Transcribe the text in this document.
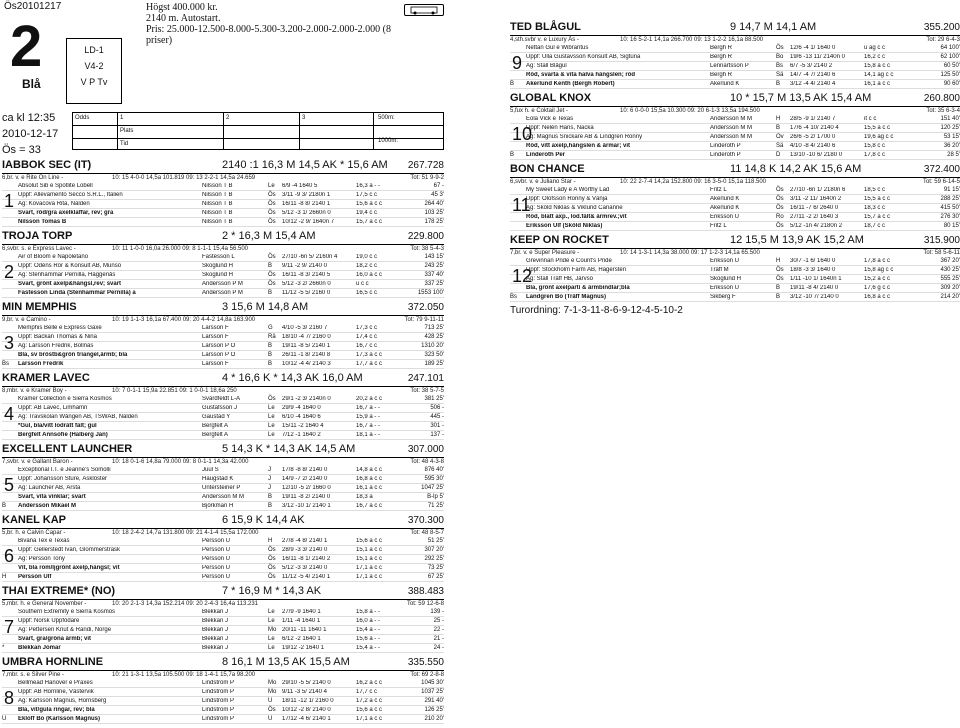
Ös20101217
2
Blå
LD-1
V4-2
V P Tv
Högst 400.000 kr.
2140 m. Autostart.
Pris: 25.000-12.500-8.000-5.300-3.200-2.000-2.000-2.000 (8
priser)
Odds	1	2	3	500m:
Plats
Tid	1000m:
ca kl 12:35
2010-12-17
Ös = 33
IABBOK SEC (IT)	2140 :1 16,3 M 14,5 AK * 15,6 AM	267.728
6,br. v. e Rite On Line -	10: 15 4-0-0 14,5a 101.819 09: 13 2-2-1 14,5a 24.659	Tot: 51 9-9-2
1
Absolut Sib e Spotlite Lobell	Nilsson T B	Le	6/9 -4 1640 5	16,3 a - -	67 -
Uppf: Allevamento Secco S.R.L., Italien	Nilsson T B	Ös	3/11 -9 3/ 2180n 1	17,5 c c	45 3'
Äg: Kovacova Rita, Nälden	Nilsson T B	Ös	16/11 -8 8/ 2140 1	15,6 a c c	264 40'
Svart, röd/grå axelklaffar, rev; grå	Nilsson T B	Ös	5/12 -3 1/ 2660n 0	19,4 c c	103 25'
Nilsson Tomas B	Nilsson T B	Ös	10/12 -2 9/ 1640n 7	15,7 a c c	178 25'
TROJA TORP	2 * 16,3 M 15,4 AM	229.800
6,svbr. s. e Express Lavec -	10: 11 1-0-0 16,0a 26.000 09: 8 1-1-1 15,4a 56.500	Tot: 38 5-4-3
2
Air of Bloom e Napoletano	Fastesson L	Ös	27/10 -6n 5/ 2160n 4	19,0 c c	143 15'
Uppf: Ödéns Rör & Konsult AB, Munsö	Skoglund H	B	9/11 -2 9/ 2140 0	18,2 c c	243 25'
Äg: Stenhammar Pernilla, Häggenås	Skoglund H	Ös	16/11 -8 3/ 2140 5	16,0 a c c	337 40'
Svart, grönt axelp&hängsl,rev; svart	Andersson P M	Ös	5/12 -3 2/ 2660n 0	u c c	337 25'
Fastesson Linda (Stenhammar Pernilla) a	Andersson P M	B	11/12 -5 5/ 2160 0	16,5 c c	1553 100'
MIN MEMPHIS	3 15,6 M 14,8 AM	372.050
9,br. v. e Camino -	10: 19 1-1-3 16,1a 67.400 09: 20 4-4-2 14,8a 163.900	Tot: 79 9-11-11
3
Memphis Belle e Express Gaxe	Larsson F	G	4/10 -5 3/ 2160 7	17,3 c c	713 25'
Uppf: Backan Thomas & Nina	Larsson F	Rä	18/10 -4 7/ 2160 0	17,4 c c	428 25'
Äg: Larsson Fredrik, Bollnäs	Larsson P O	B	19/11 -8 5/ 2140 1	16,7 c c	1310 20'
Blå, sv bröstb&grön triangel,ärmb; blå	Larsson P O	B	26/11 -1 8/ 2140 8	17,3 a c c	323 50'
Bs	Larsson Fredrik	Larsson F	B	10/12 -4 4/ 2140 3	17,7 a c c	189 25'
KRAMER LAVEC	4 * 16,6 K * 14,3 AK 16,0 AM	247.101
8,mbr. v. e Kramer Boy -	10: 7 0-1-1 15,9a 22.851 09: 1 0-0-1 18,6a 250	Tot: 38 5-7-5
4
Kramer Collection e Sierra Kosmos	Svärdfeldt L-Å	Ös	29/1 -2 3/ 2140n 0	20,2 a c c	381 25'
Uppf: AB Lavec, Limhamn	Gustafsson J	Le	29/9 -4 1640 0	16,7 a - -	506 -
Äg: Travskolan Wången AB, TSWAB, Nälden	Gaustad Y	Le	6/10 -4 1640 6	15,9 a - -	445 -
*Gul, blå/vitt lodrätt fält; gul	Bergfelt A	Le	15/11 -2 1640 4	16,7 a - -	301 -
Bergfelt Annsofie (Halberg Jan)	Bergfelt A	Le	7/12 -1 1640 2	18,1 a - -	137 -
EXCELLENT LAUNCHER	5 14,3 K * 14,3 AK 14,5 AM	307.000
7,svbr. v. e Gallant Baron -	10: 18 0-1-6 14,8a 79.000 09: 8 0-1-1 14,3a 42.000	Tot: 48 4-3-8
5
Exceptional I.T. e Jeanne's Somolli	Juul S	J	17/8 -8 8/ 2140 0	14,8 a c c	876 40'
Uppf: Johansson Sture, Åsklöster	Haugstad K	J	14/9 -7 2/ 2140 0	16,8 a c c	595 30'
Äg: Launcher AB, Årsta	Untersteiner P	J	12/10 -5 2/ 1660 0	16,1 a c c	1047 25'
Svart, vita vinklar; svart	Andersson M M	B	19/11 -8 2/ 2140 0	18,3 a	B-lp 5'
B	Andersson Mikael M	Björkman H	B	3/12 -10 1/ 2140 1	16,7 a c c	71 25'
KANEL KAP	6 15,9 K 14,4 AK	370.300
5,br. h. e Calvin Capar -	10: 18 2-4-2 14,7a 131.800 09: 21 4-1-4 15,5a 172.000	Tot: 48 8-5-7
6
Bivana Tex e Texas	Persson U	H	27/8 -4 8/ 2140 1	15,6 a c c	51 25'
Uppf: Gellerstedt Ivan, Glommersträsk	Persson U	Ös	28/9 -3 3/ 2140 0	15,1 a c c	307 20'
Äg: Persson Tony	Persson U	Ös	16/11 -8 1/ 2140 2	15,1 a c c	292 25'
Vit, blå rom/ljgrönt axelp,hängsl; vit	Persson U	Ös	5/12 -3 3/ 2140 0	17,1 a c c	73 25'
H	Persson Ulf	Persson U	Ös	11/12 -5 4/ 2140 1	17,1 a c c	67 25'
THAI EXTREME* (NO)	7 * 16,9 M * 14,3 AK	388.483
5,mbr. h. e General November -	10: 20 2-1-3 14,3a 152.214 09: 20 2-4-3 16,4a 113.231	Tot: 59 12-6-8
7
Southern Extremity e Sierra Kosmos	Blekkan J	Le	27/9 -9 1640 1	15,8 a - -	139 -
Uppf: Norsk Uppfödare	Blekkan J	Le	1/11 -4 1640 1	16,0 a - -	25 -
Äg: Pettersen Knut & Randi, Norge	Blekkan J	Mo 20/11 -11 1640 1	15,4 a - -	22 -
Svart, grå/gröna ärmb; vit	Blekkan J	Le	6/12 -2 1640 1	15,6 a - -	21 -
*	Blekkan Jomar	Blekkan J	Le	19/12 -2 1640 1	15,4 a - -	24 -
UMBRA HORNLINE	8 16,1 M 13,5 AK 15,5 AM	335.550
7,mbr. s. e Silver Pine -	10: 21 1-3-1 13,5a 105.500 09: 18 1-4-1 15,7a 98.200	Tot: 69 2-8-8
8
Bellmead Hanover e Praxes	Lindström P	Mo 29/10 -5 5/ 2140 0	16,2 a c c	1045 30'
Uppf: AB Hornline, Västervik	Lindström P	Mo 9/11 -3 5/ 2140 4	17,7 c c	1037 25'
Äg: Karlsson Magnus, Hornsberg	Lindström P	U	18/11 -12 1/ 2160 0	17,2 a c c	291 40'
Blå, vit/gula ringar, rev; blå	Lindström P	Ös	10/12 -2 8/ 2140 0	15,6 a c c	126 25'
U	Ekloff Bo (Karlsson Magnus)	Lindström P	U	17/12 -4 6/ 2140 1	17,1 a c c	210 20'
TED BLÅGUL	9 14,7 M 14,1 AM	355.200
4,sth.svbr v. e Luxury Ås -	10: 16 5-2-1 14,1a 266.700 09: 13 1-2-2 16,1a 88.500	Tot: 29 6-4-3
9
Nettan Gul e Wibrantus	Bergh R	Ös	12/6 -4 1/ 1640 0	u ag c c	64 100'
Uppf: Ulla Gustavsson Konsult AB, Sigtuna	Bergh R	Bo	19/6 -13 11/ 2140n 0	16,2 c c	62 100'
Äg: Stall Blågul	Lennartsson P	Bs	6/7 -5 3/ 2140 2	15,8 a c c	60 50'
Röd, svarta & vita halva hängslen; röd	Bergh R	Sä	14/7 -4 7/ 2140 6	14,1 ag c c	125 50'
B	Åkerlund Kenth (Bergh Robert)	Åkerlund K	B	3/12 -4 4/ 2140 4	16,1 a c c	90 60'
GLOBAL KNOX	10 * 15,7 M 13,5 AK 15,4 AM	260.800
5,fux h. e Coktail Jet -	10: 6 0-0-0 15,5a 10.300 09: 20 6-1-3 13,5a 194.500	Tot: 35 6-3-4
10
Eola Vick e Texas	Andersson M M	H	28/5 -9 1/ 2140 7	it c c	151 40'
Uppf: Nelén Hans, Nacka	Andersson M M	B	17/6 -4 10/ 2140 4	15,5 a c c	120 25'
Äg: Magnus Snickare AB & Lindgren Ronny	Andersson M M	Ov	26/6 -5 2/ 1700 0	19,6 ag c c	53 15'
Röd, vitt axelp,hängslen & ärmar; vit	Linderoth P	Sä	4/10 -8 4/ 2140 6	15,8 c c	36 20'
B	Linderoth Per	Linderoth P	D	13/10 -10 6/ 2180 0	17,8 c c	28 5'
BON CHANCE	11 14,8 K 14,2 AK 15,6 AM	372.400
6,svbr. v. e Juliano Star -	10: 22 2-7-4 14,2a 152.800 09: 16 3-5-0 15,1a 118.500	Tot: 59 6-14-5
11
My Sweet Lady e A Worthy Lad	Fritz L	Ös	27/10 -6n 1/ 2180n 6	18,5 c c	91 15'
Uppf: Olofsson Ronny & Vänja	Åkerlund K	Ös	3/11 -2 11/ 1640n 2	15,5 a c c	288 25'
Äg: Sköld Niklas & Viklund Carianne	Åkerlund K	Ös	16/11 -7 6/ 2640 0	18,3 c c	415 50'
Röd, blått axp., lod.fält& ärmrev.;vit	Eriksson U	Ro	27/11 -2 2/ 1640 3	15,7 a c c	276 30'
Eriksson Ulf (Sköld Niklas)	Fritz L	Ös	5/12 -1n 4/ 2180n 2	18,7 c c	80 15'
KEEP ON ROCKET	12 15,5 M 13,9 AK 15,2 AM	315.900
7,br. v. e Super Pleasure -	10: 14 1-3-1 14,3a 38.000 09: 17 1-2-3 14,1a 65.500	Tot: 58 5-6-11
12
Grevinnan Pride e Count's Pride	Eriksson U	H	30/7 -1 6/ 1640 0	17,8 a c c	367 20'
Uppf: Stockholm Farm AB, Hägersten	Träff M	Ös	18/8 -3 3/ 1640 0	15,8 ag c c	430 25'
Äg: Stall Träff HB, Järvsö	Skoglund H	Ös	1/11 -10 1/ 1640n 1	15,2 a c c	555 25'
Blå, grönt axelparti & ärmbindlar;blå	Eriksson U	B	19/11 -8 4/ 2140 0	17,6 g c c	309 20'
Bs	Landgren Bo (Träff Magnus)	Sikberg F	B	3/12 -10 7/ 2140 0	16,8 a c c	214 20'
Turordning: 7-1-3-11-8-6-9-12-4-5-10-2
